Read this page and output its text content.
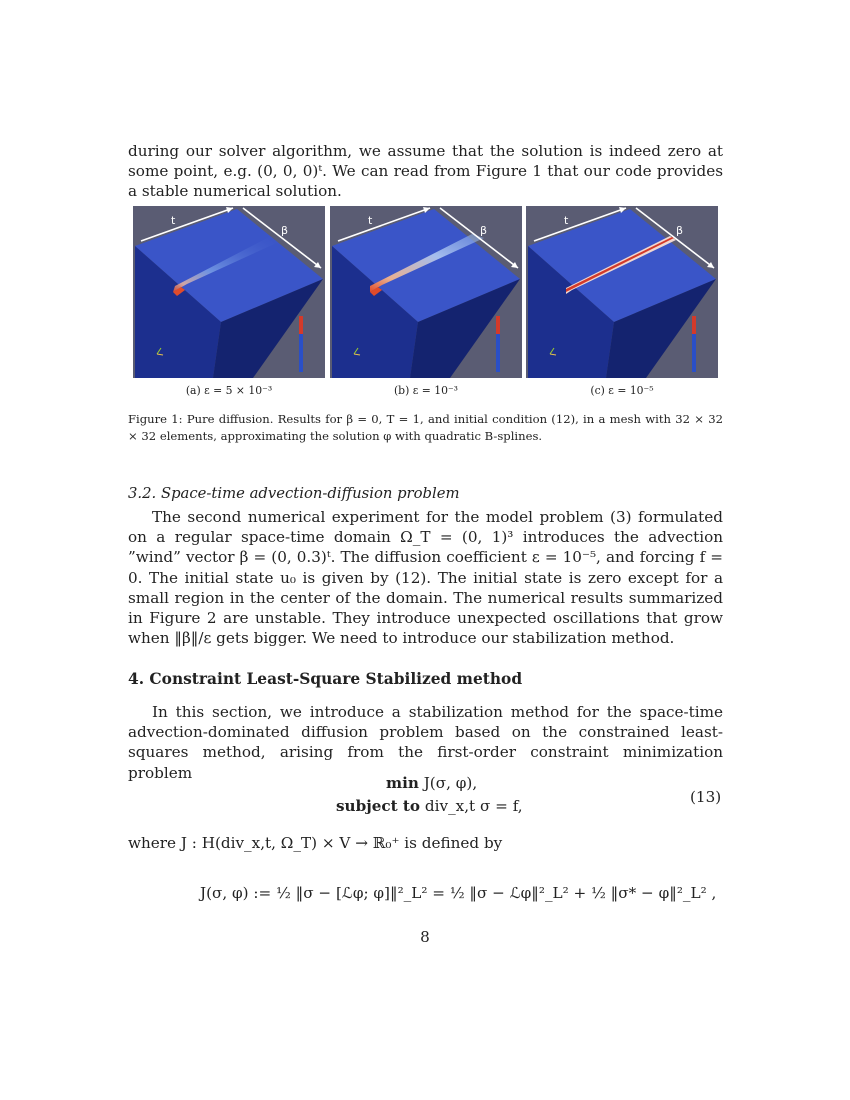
during our solver algorithm, we assume that the solution is indeed zero at some point, e.g. (0, 0, 0)ᵗ. We can read from Figure 1 that our code provides a stable numerical solution.

t
β
t
β
t
β
(a) ε = 5 × 10⁻³	(b) ε = 10⁻³	(c) ε = 10⁻⁵
Figure 1: Pure diffusion. Results for β = 0, T = 1, and initial condition (12), in a mesh with 32 × 32 × 32 elements, approximating the solution φ with quadratic B-splines.
3.2. Space-time advection-diffusion problem

The second numerical experiment for the model problem (3) formulated on a regular space-time domain Ω_T = (0, 1)³ introduces the advection ”wind” vector β = (0, 0.3)ᵗ. The diffusion coefficient ε = 10⁻⁵, and forcing f = 0. The initial state u₀ is given by (12). The initial state is zero except for a small region in the center of the domain. The numerical results summarized in Figure 2 are unstable. They introduce unexpected oscillations that grow when ‖β‖/ε gets bigger. We need to introduce our stabilization method.

4. Constraint Least-Square Stabilized method

In this section, we introduce a stabilization method for the space-time advection-dominated diffusion problem based on the constrained least-squares method, arising from the first-order constraint minimization problem

min J(σ, φ),
subject to div_x,t σ = f,	(13)

where J : H(div_x,t, Ω_T) × V → ℝ₀⁺ is defined by

J(σ, φ) := ½ ‖σ − [ℒφ; φ]‖²_L² = ½ ‖σ − ℒφ‖²_L² + ½ ‖σ* − φ‖²_L² ,
8
